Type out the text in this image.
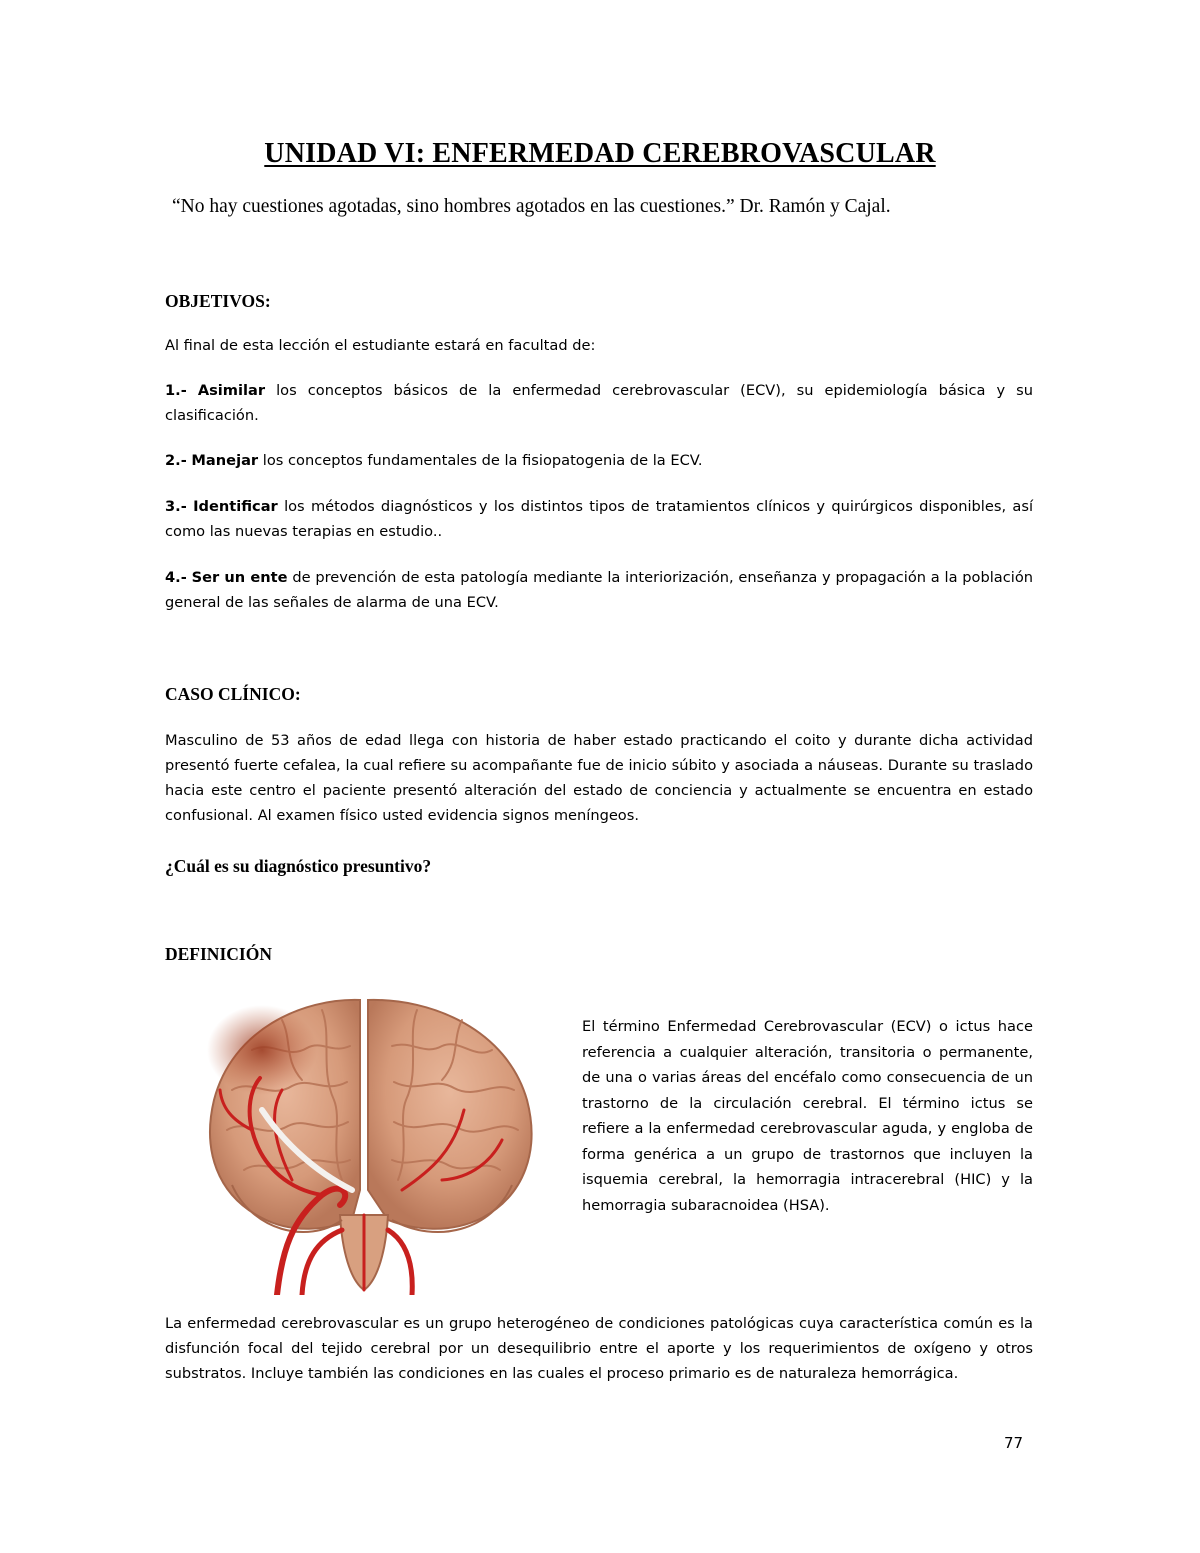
UNIDAD VI: ENFERMEDAD CEREBROVASCULAR
“No hay cuestiones agotadas, sino hombres agotados en las cuestiones.” Dr. Ramón y Cajal.
OBJETIVOS:
Al final de esta lección el estudiante estará en facultad de:
1.- Asimilar los conceptos básicos de la enfermedad cerebrovascular (ECV), su epidemiología básica y su clasificación.
2.- Manejar los conceptos fundamentales de la fisiopatogenia de la ECV.
3.- Identificar los métodos diagnósticos y los distintos tipos de tratamientos clínicos y quirúrgicos disponibles, así como las nuevas terapias en estudio..
4.- Ser un ente de prevención de esta patología mediante la interiorización, enseñanza y propagación a la población general de las señales de alarma de una ECV.
CASO CLÍNICO:
Masculino de 53 años de edad llega con historia de haber estado practicando el coito y durante dicha actividad presentó fuerte cefalea, la cual refiere su acompañante fue de inicio súbito y asociada a náuseas. Durante su traslado hacia este centro el paciente presentó alteración del estado de conciencia y actualmente se encuentra en estado confusional. Al examen físico usted evidencia signos meníngeos.
¿Cuál es su diagnóstico presuntivo?
DEFINICIÓN
El término Enfermedad Cerebrovascular (ECV) o ictus hace referencia a cualquier alteración, transitoria o permanente, de una o varias áreas del encéfalo como consecuencia de un trastorno de la circulación cerebral. El término ictus se refiere a la enfermedad cerebrovascular aguda, y engloba de forma genérica a un grupo de trastornos que incluyen la isquemia cerebral, la hemorragia intracerebral (HIC) y la hemorragia subaracnoidea (HSA).
La enfermedad cerebrovascular es un grupo heterogéneo de condiciones patológicas cuya característica común es la disfunción focal del tejido cerebral por un desequilibrio entre el aporte y los requerimientos de oxígeno y otros substratos. Incluye también las condiciones en las cuales el proceso primario es de naturaleza hemorrágica.
77
